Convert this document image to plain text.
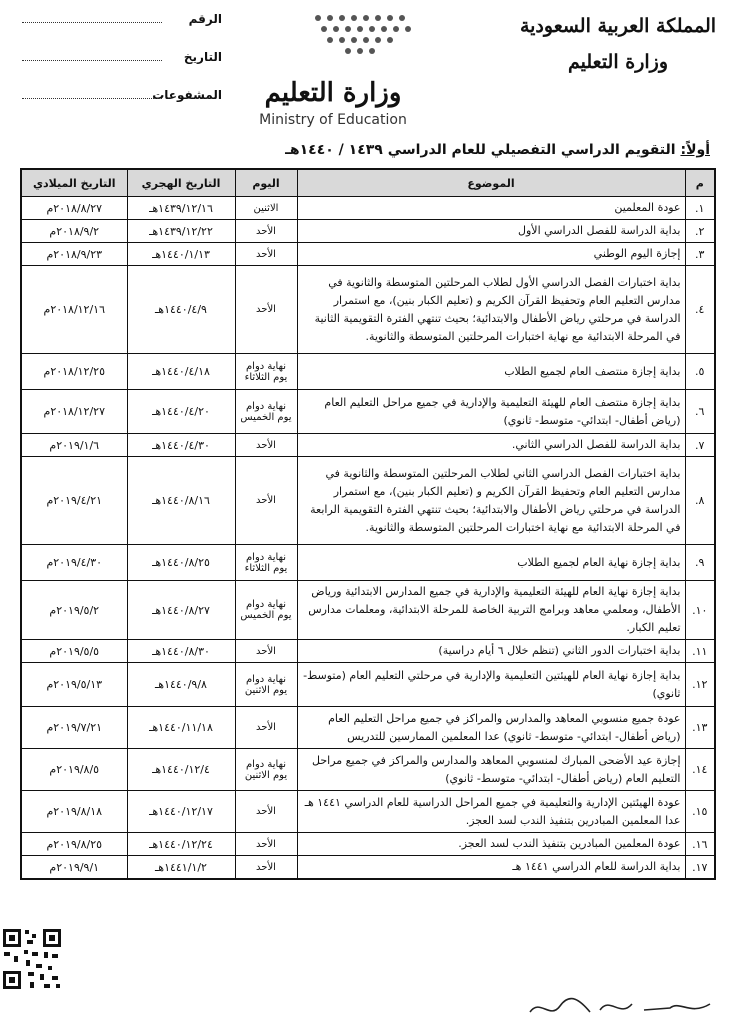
المملكة العربية السعودية
وزارة التعليم
وزارة التعليم
Ministry of Education
الرقم
التاريخ
المشفوعات
أولاً: التقويم الدراسي التفصيلي للعام الدراسي ١٤٣٩ / ١٤٤٠هـ
م	الموضوع	اليوم	التاريخ الهجري	التاريخ الميلادي
١.	عودة المعلمين	الاثنين	١٤٣٩/١٢/١٦هـ	٢٠١٨/٨/٢٧م
٢.	بداية الدراسة للفصل الدراسي الأول	الأحد	١٤٣٩/١٢/٢٢هـ	٢٠١٨/٩/٢م
٣.	إجازة اليوم الوطني	الأحد	١٤٤٠/١/١٣هـ	٢٠١٨/٩/٢٣م
٤.	بداية اختبارات الفصل الدراسي الأول لطلاب المرحلتين المتوسطة والثانوية في مدارس التعليم العام وتحفيظ القرآن الكريم و (تعليم الكبار بنين)، مع استمرار الدراسة في مرحلتي رياض الأطفال والابتدائية؛ بحيث تنتهي الفترة التقويمية الثانية في المرحلة الابتدائية مع نهاية اختبارات المرحلتين المتوسطة والثانوية.	الأحد	١٤٤٠/٤/٩هـ	٢٠١٨/١٢/١٦م
٥.	بداية إجازة منتصف العام لجميع الطلاب	نهاية دوام يوم الثلاثاء	١٤٤٠/٤/١٨هـ	٢٠١٨/١٢/٢٥م
٦.	بداية إجازة منتصف العام للهيئة التعليمية والإدارية في جميع مراحل التعليم العام (رياض أطفال- ابتدائي- متوسط- ثانوي)	نهاية دوام يوم الخميس	١٤٤٠/٤/٢٠هـ	٢٠١٨/١٢/٢٧م
٧.	بداية الدراسة للفصل الدراسي الثاني.	الأحد	١٤٤٠/٤/٣٠هـ	٢٠١٩/١/٦م
٨.	بداية اختبارات الفصل الدراسي الثاني لطلاب المرحلتين المتوسطة والثانوية في مدارس التعليم العام وتحفيظ القرآن الكريم و (تعليم الكبار بنين)، مع استمرار الدراسة في مرحلتي رياض الأطفال والابتدائية؛ بحيث تنتهي الفترة التقويمية الرابعة في المرحلة الابتدائية مع نهاية اختبارات المرحلتين المتوسطة والثانوية.	الأحد	١٤٤٠/٨/١٦هـ	٢٠١٩/٤/٢١م
٩.	بداية إجازة نهاية العام لجميع الطلاب	نهاية دوام يوم الثلاثاء	١٤٤٠/٨/٢٥هـ	٢٠١٩/٤/٣٠م
١٠.	بداية إجازة نهاية العام للهيئة التعليمية والإدارية في جميع المدارس الابتدائية ورياض الأطفال، ومعلمي معاهد وبرامج التربية الخاصة للمرحلة الابتدائية، ومعلمات مدارس تعليم الكبار.	نهاية دوام يوم الخميس	١٤٤٠/٨/٢٧هـ	٢٠١٩/٥/٢م
١١.	بداية اختبارات الدور الثاني (تنظم خلال ٦ أيام دراسية)	الأحد	١٤٤٠/٨/٣٠هـ	٢٠١٩/٥/٥م
١٢.	بداية إجازة نهاية العام للهيئتين التعليمية والإدارية في مرحلتي التعليم العام (متوسط- ثانوي)	نهاية دوام يوم الاثنين	١٤٤٠/٩/٨هـ	٢٠١٩/٥/١٣م
١٣.	عودة جميع منسوبي المعاهد والمدارس والمراكز في جميع مراحل التعليم العام (رياض أطفال- ابتدائي- متوسط- ثانوي) عدا المعلمين الممارسين للتدريس	الأحد	١٤٤٠/١١/١٨هـ	٢٠١٩/٧/٢١م
١٤.	إجازة عيد الأضحى المبارك لمنسوبي المعاهد والمدارس والمراكز في جميع مراحل التعليم العام (رياض أطفال- ابتدائي- متوسط- ثانوي)	نهاية دوام يوم الاثنين	١٤٤٠/١٢/٤هـ	٢٠١٩/٨/٥م
١٥.	عودة الهيئتين الإدارية والتعليمية في جميع المراحل الدراسية للعام الدراسي ١٤٤١ هـ عدا المعلمين المبادرين بتنفيذ الندب لسد العجز.	الأحد	١٤٤٠/١٢/١٧هـ	٢٠١٩/٨/١٨م
١٦.	عودة المعلمين المبادرين بتنفيذ الندب لسد العجز.	الأحد	١٤٤٠/١٢/٢٤هـ	٢٠١٩/٨/٢٥م
١٧.	بداية الدراسة للعام الدراسي ١٤٤١ هـ	الأحد	١٤٤١/١/٢هـ	٢٠١٩/٩/١م
